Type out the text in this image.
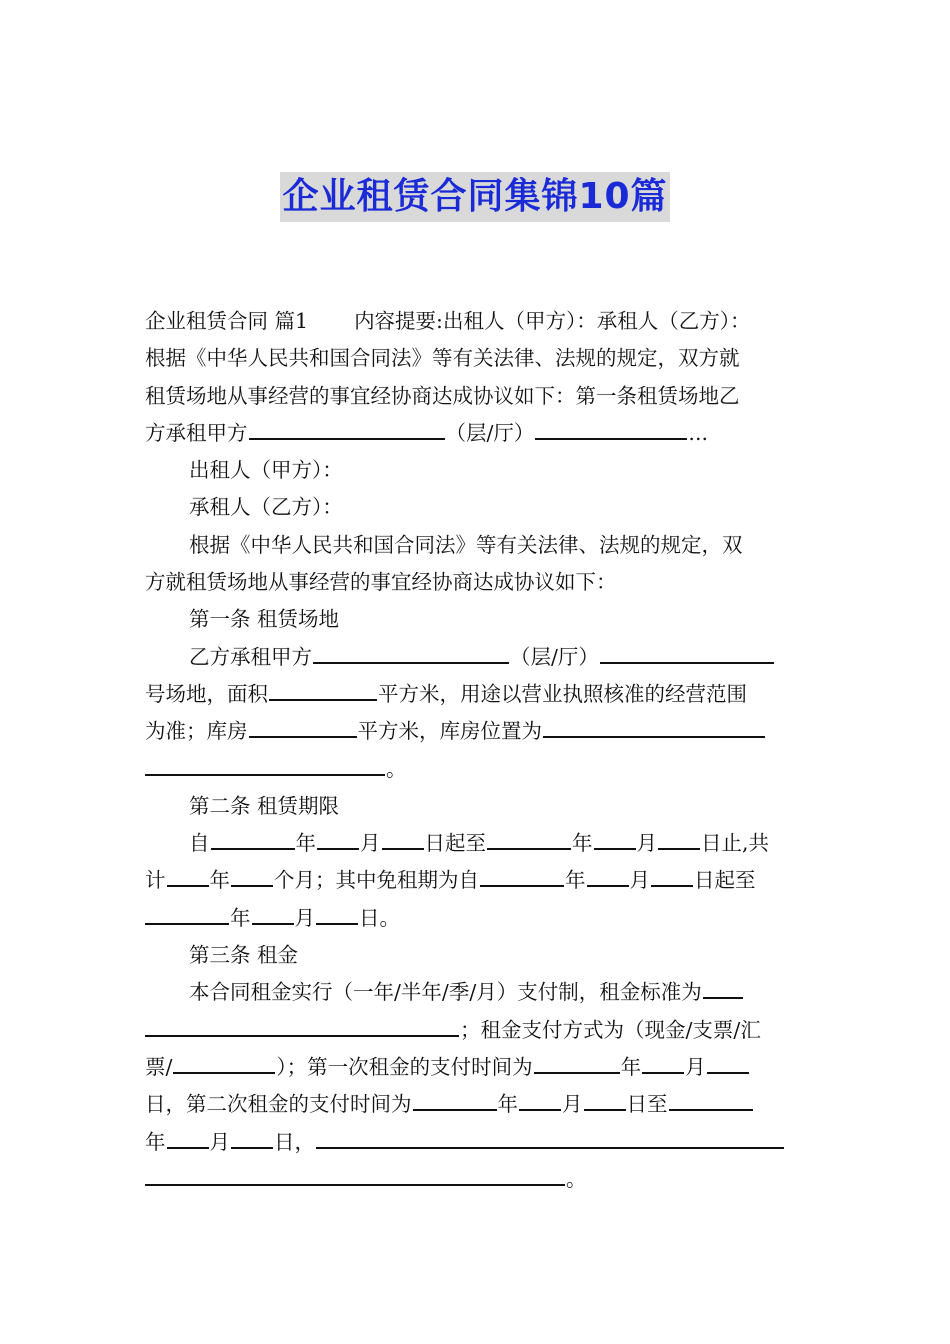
企业租赁合同集锦10篇

企业租赁合同 篇1 内容提要:出租人（甲方）：承租人（乙方）：

根据《中华人民共和国合同法》等有关法律、法规的规定，双方就

租赁场地从事经营的事宜经协商达成协议如下：第一条租赁场地乙

方承租甲方	（层/厅）	...

出租人（甲方）：

承租人（乙方）：

根据《中华人民共和国合同法》等有关法律、法规的规定，双

方就租赁场地从事经营的事宜经协商达成协议如下：

第一条 租赁场地

乙方承租甲方	（层/厅）

号场地，面积	平方米，用途以营业执照核准的经营范围

为准；库房	平方米，库房位置为

。

第二条 租赁期限

自	年 月 日起至	年 月 日止,共

计 年 个月；其中免租期为自	年 月 日起至

年 月 日。

第三条 租金

本合同租金实行（一年/半年/季/月）支付制，租金标准为

；租金支付方式为（现金/支票/汇

票/	）；第一次租金的支付时间为	年 月

日，第二次租金的支付时间为	年 月 日至

年 月 日，

。
